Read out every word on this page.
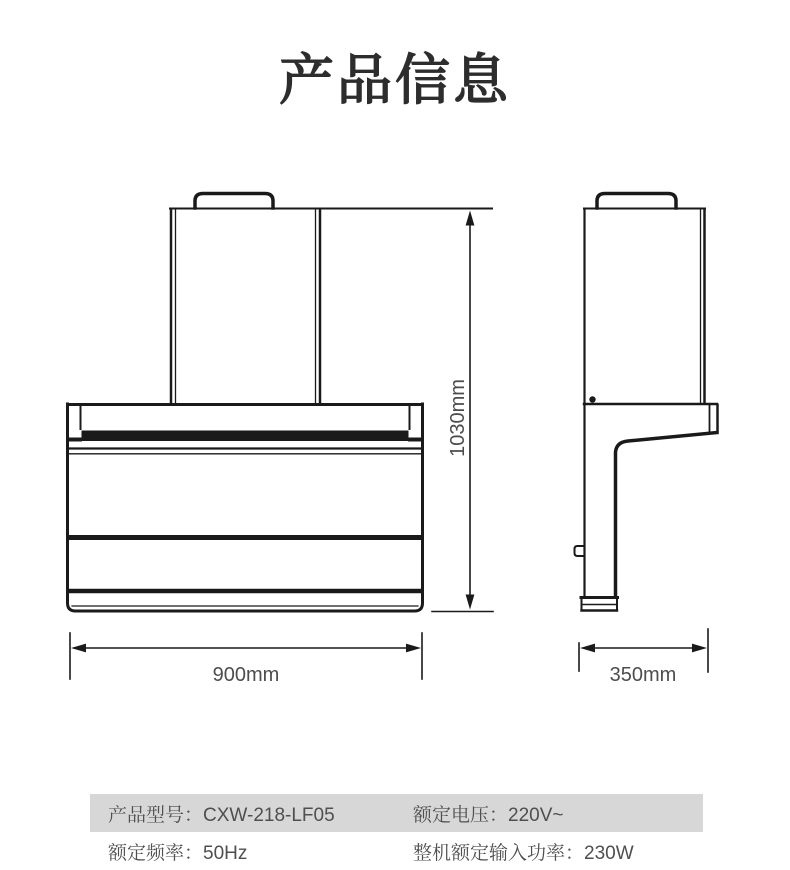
产品信息
900mm
1030mm
350mm
产品型号：CXW-218-LF05	额定电压：220V~
额定频率：50Hz	整机额定输入功率：230W
